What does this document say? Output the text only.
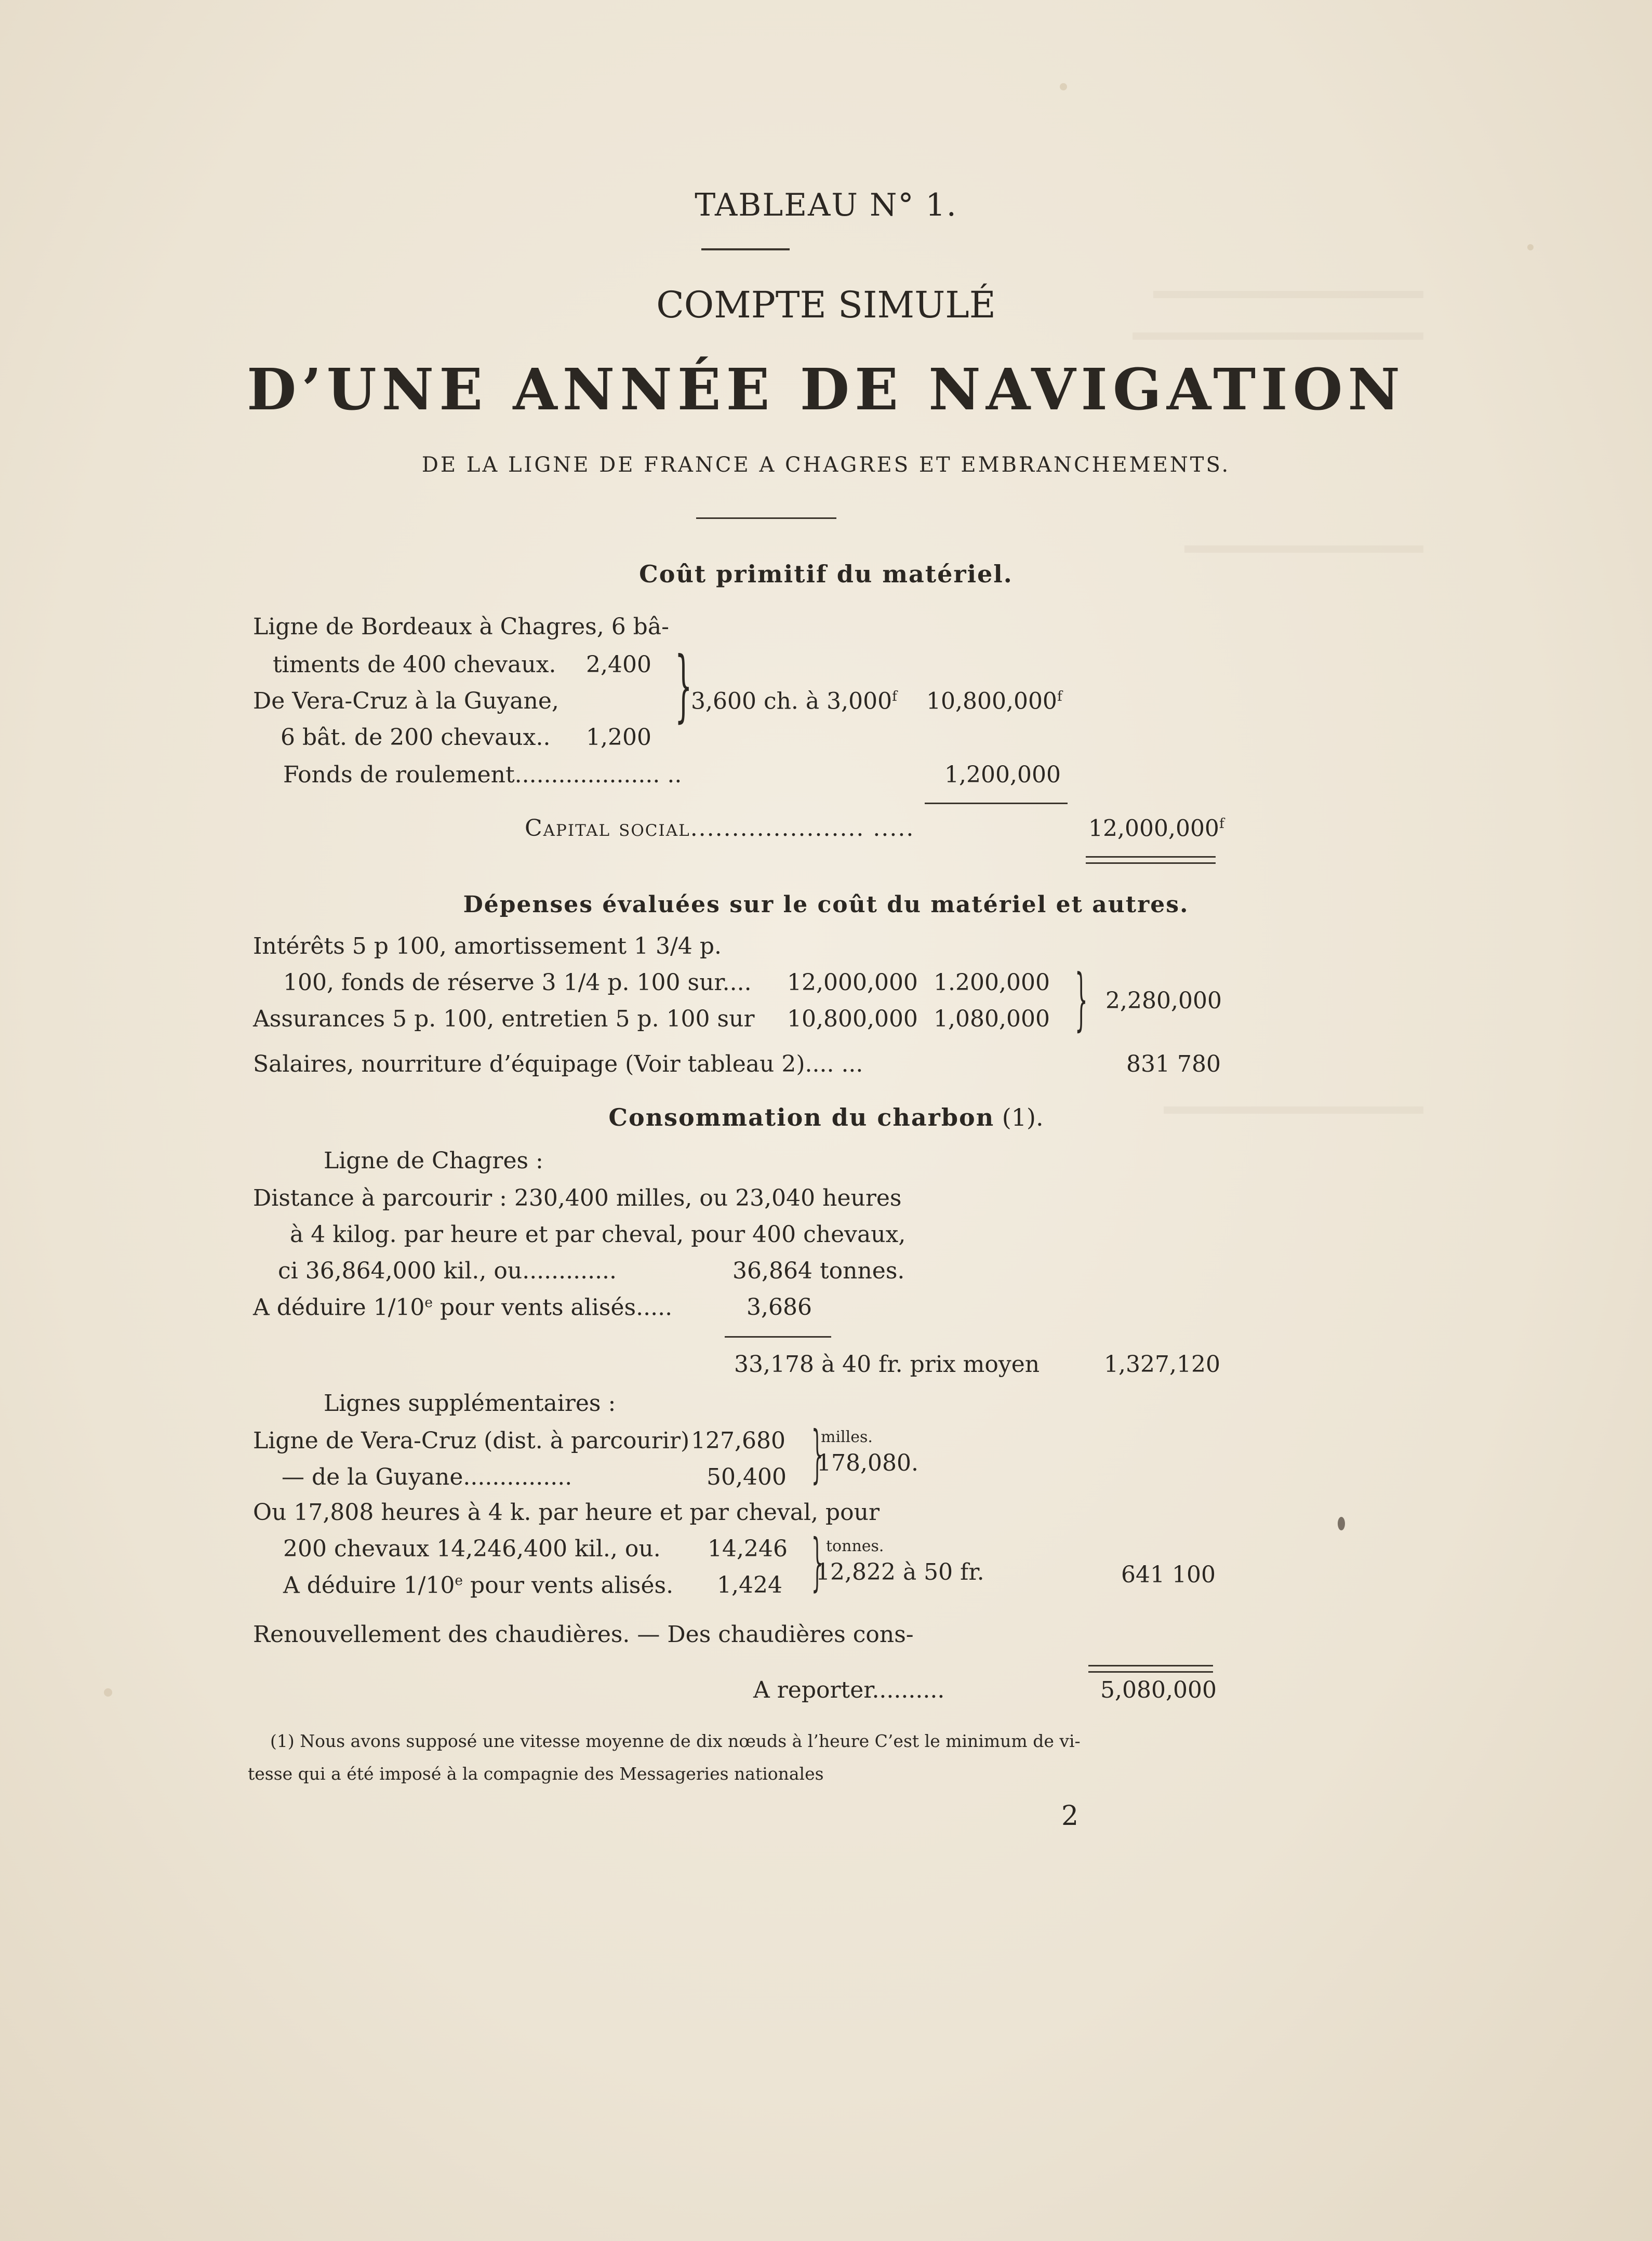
TABLEAU N° 1.
COMPTE SIMULÉ
D’UNE ANNÉE DE NAVIGATION
DE LA LIGNE DE FRANCE A CHAGRES ET EMBRANCHEMENTS.
Coût primitif du matériel.
Ligne de Bordeaux à Chagres, 6 bâ-
timents de 400 chevaux. 2,400
De Vera-Cruz à la Guyane,	3,600 ch. à 3,000$^f$ 10,800,000$^f$
6 bât. de 200 chevaux.. 1,200
}
Fonds de roulement.................... ..	1,200,000
Capital social..................... .....	12,000,000$^f$
Dépenses évaluées sur le coût du matériel et autres.
Intérêts 5 p 100, amortissement 1 3/4 p.
100, fonds de réserve 3 1/4 p. 100 sur.... 12,000,000 1.200,000
Assurances 5 p. 100, entretien 5 p. 100 sur 10,800,000 1,080,000 } 2,280,000
Salaires, nourriture d’équipage (Voir tableau 2).... ...	831 780
Consommation du charbon (1).
Ligne de Chagres :
Distance à parcourir : 230,400 milles, ou 23,040 heures
à 4 kilog. par heure et par cheval, pour 400 chevaux,
ci 36,864,000 kil., ou.............	36,864 tonnes.
A déduire 1/10e pour vents alisés.....	3,686
33,178 à 40 fr. prix moyen	1,327,120
Lignes supplémentaires :
Ligne de Vera-Cruz (dist. à parcourir) 127,680
— de la Guyane...............	50,400 }
milles.
178,080.
Ou 17,808 heures à 4 k. par heure et par cheval, pour
200 chevaux 14,246,400 kil., ou. 14,246
A déduire 1/10e pour vents alisés. 1,424 } tonnes.
12,822 à 50 fr.	641 100
Renouvellement des chaudières. — Des chaudières cons-
A reporter..........	5,080,000
(1) Nous avons supposé une vitesse moyenne de dix nœuds à l’heure C’est le minimum de vi-
tesse qui a été imposé à la compagnie des Messageries nationales
2
